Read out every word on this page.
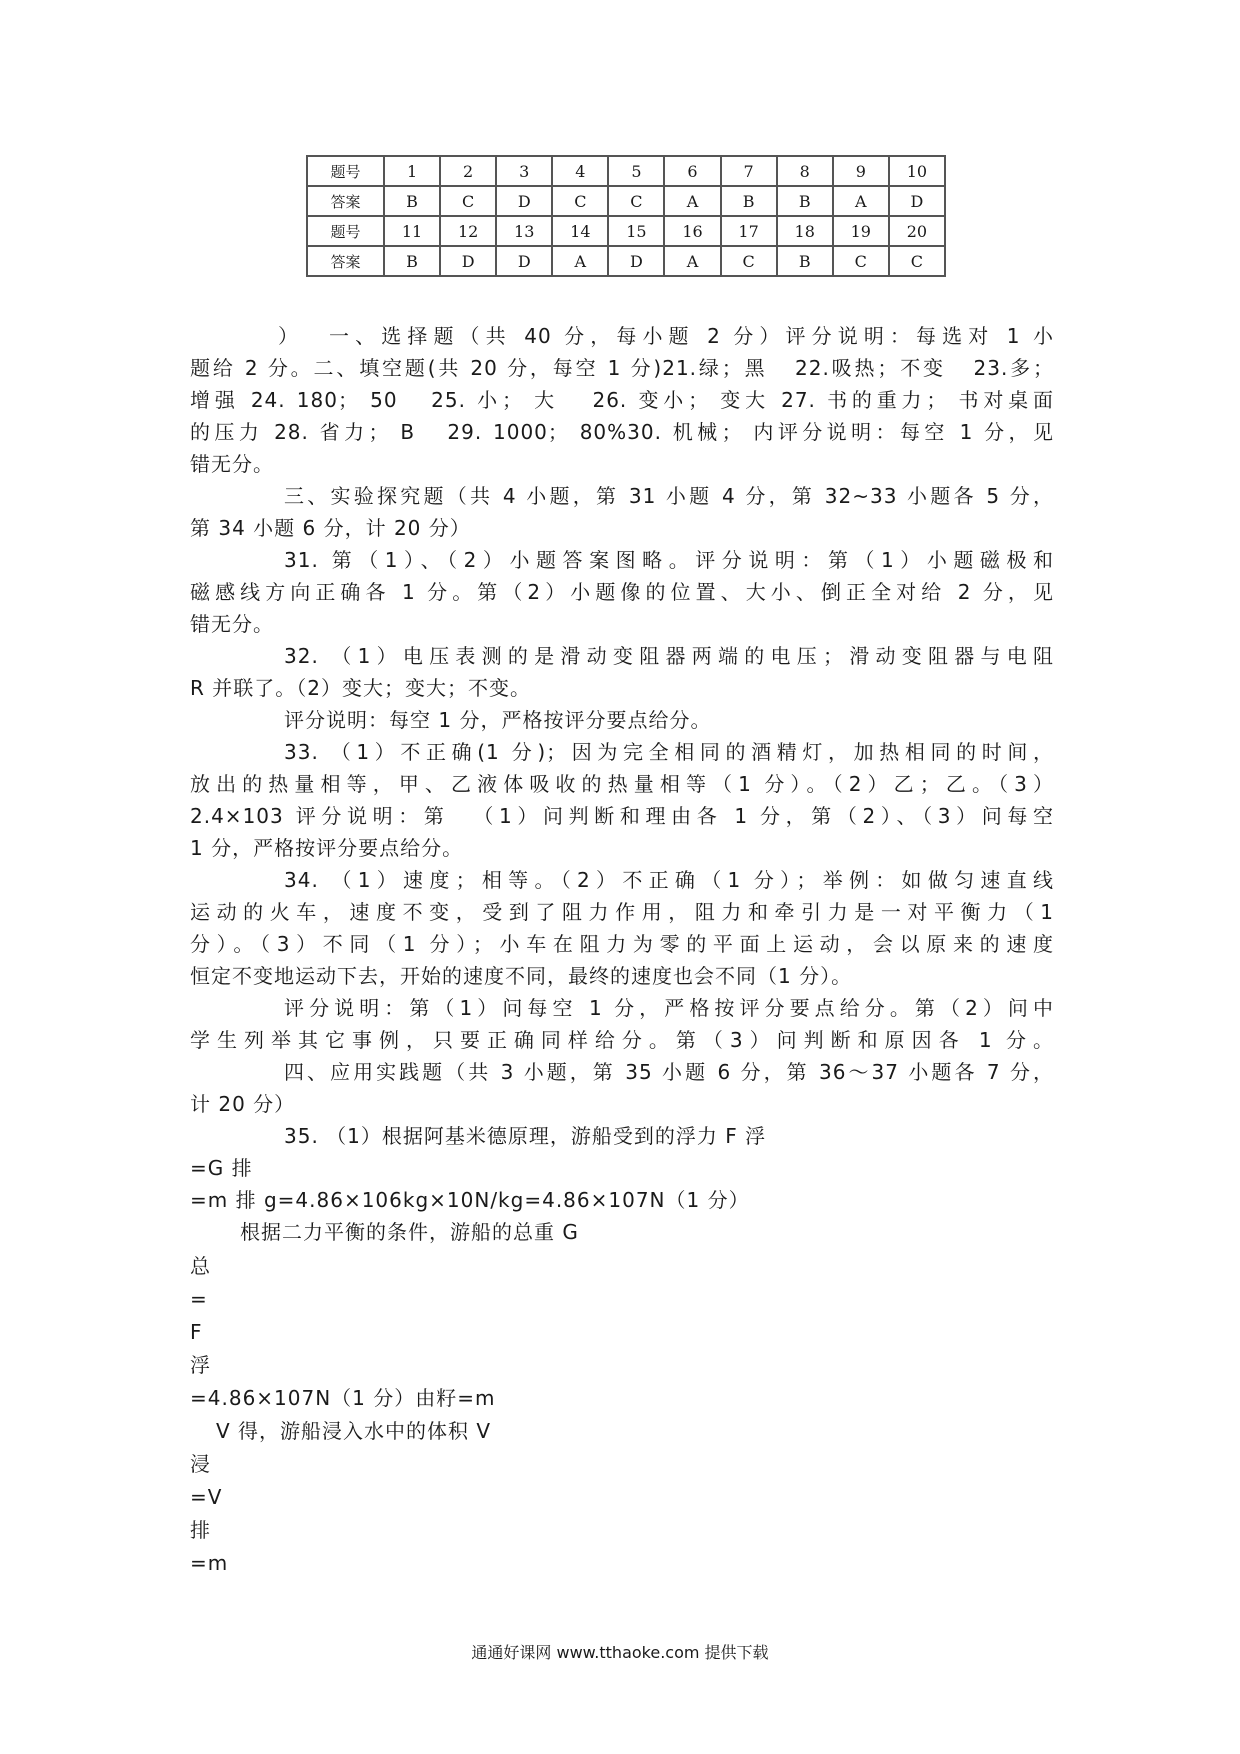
题号	1	2	3	4	5	6	7	8	9	10
答案	B	C	D	C	C	A	B	B	A	D
题号	11	12	13	14	15	16	17	18	19	20
答案	B	D	D	A	D	A	C	B	C	C
）  一、选择题（共 40 分，每小题 2 分）评分说明：每选对 1 小
题给 2 分。二、填空题(共 20 分，每空 1 分)21.绿；黑   22.吸热；不变   23.多；
增强 24. 180； 50   25. 小； 大   26. 变小； 变大 27. 书的重力； 书对桌面
的压力 28. 省力； B   29. 1000； 80%30. 机械； 内评分说明：每空 1 分，见
错无分。
三、实验探究题（共 4 小题，第 31 小题 4 分，第 32~33 小题各 5 分，
第 34 小题 6 分，计 20 分）
31. 第（1）、（2）小题答案图略。评分说明：第（1）小题磁极和
磁感线方向正确各 1 分。第（2）小题像的位置、大小、倒正全对给 2 分，见
错无分。
32. （1）电压表测的是滑动变阻器两端的电压；滑动变阻器与电阻
R 并联了。（2）变大；变大；不变。
评分说明：每空 1 分，严格按评分要点给分。
33. （1）不正确(1 分)；因为完全相同的酒精灯，加热相同的时间，
放出的热量相等，甲、乙液体吸收的热量相等（1 分）。（2）乙；乙。（3）
2.4×103 评分说明：第  （1）问判断和理由各 1 分，第（2）、（3）问每空
1 分，严格按评分要点给分。
34. （1）速度；相等。（2）不正确（1 分）；举例：如做匀速直线
运动的火车，速度不变，受到了阻力作用，阻力和牵引力是一对平衡力（1
分）。（3）不同（1 分）；小车在阻力为零的平面上运动，会以原来的速度
恒定不变地运动下去，开始的速度不同，最终的速度也会不同（1 分）。
评分说明：第（1）问每空 1 分，严格按评分要点给分。第（2）问中
学生列举其它事例，只要正确同样给分。第（3）问判断和原因各 1 分。
四、应用实践题（共 3 小题，第 35 小题 6 分，第 36～37 小题各 7 分，
计 20 分）
35. （1）根据阿基米德原理，游船受到的浮力 F 浮
=G 排
=m 排 g=4.86×106kg×10N/kg=4.86×107N（1 分）
根据二力平衡的条件，游船的总重 G
总
=
F
浮
=4.86×107N（1 分）由籽=m
V 得，游船浸入水中的体积 V
浸
=V
排
=m
通通好课网 www.tthaoke.com 提供下载
